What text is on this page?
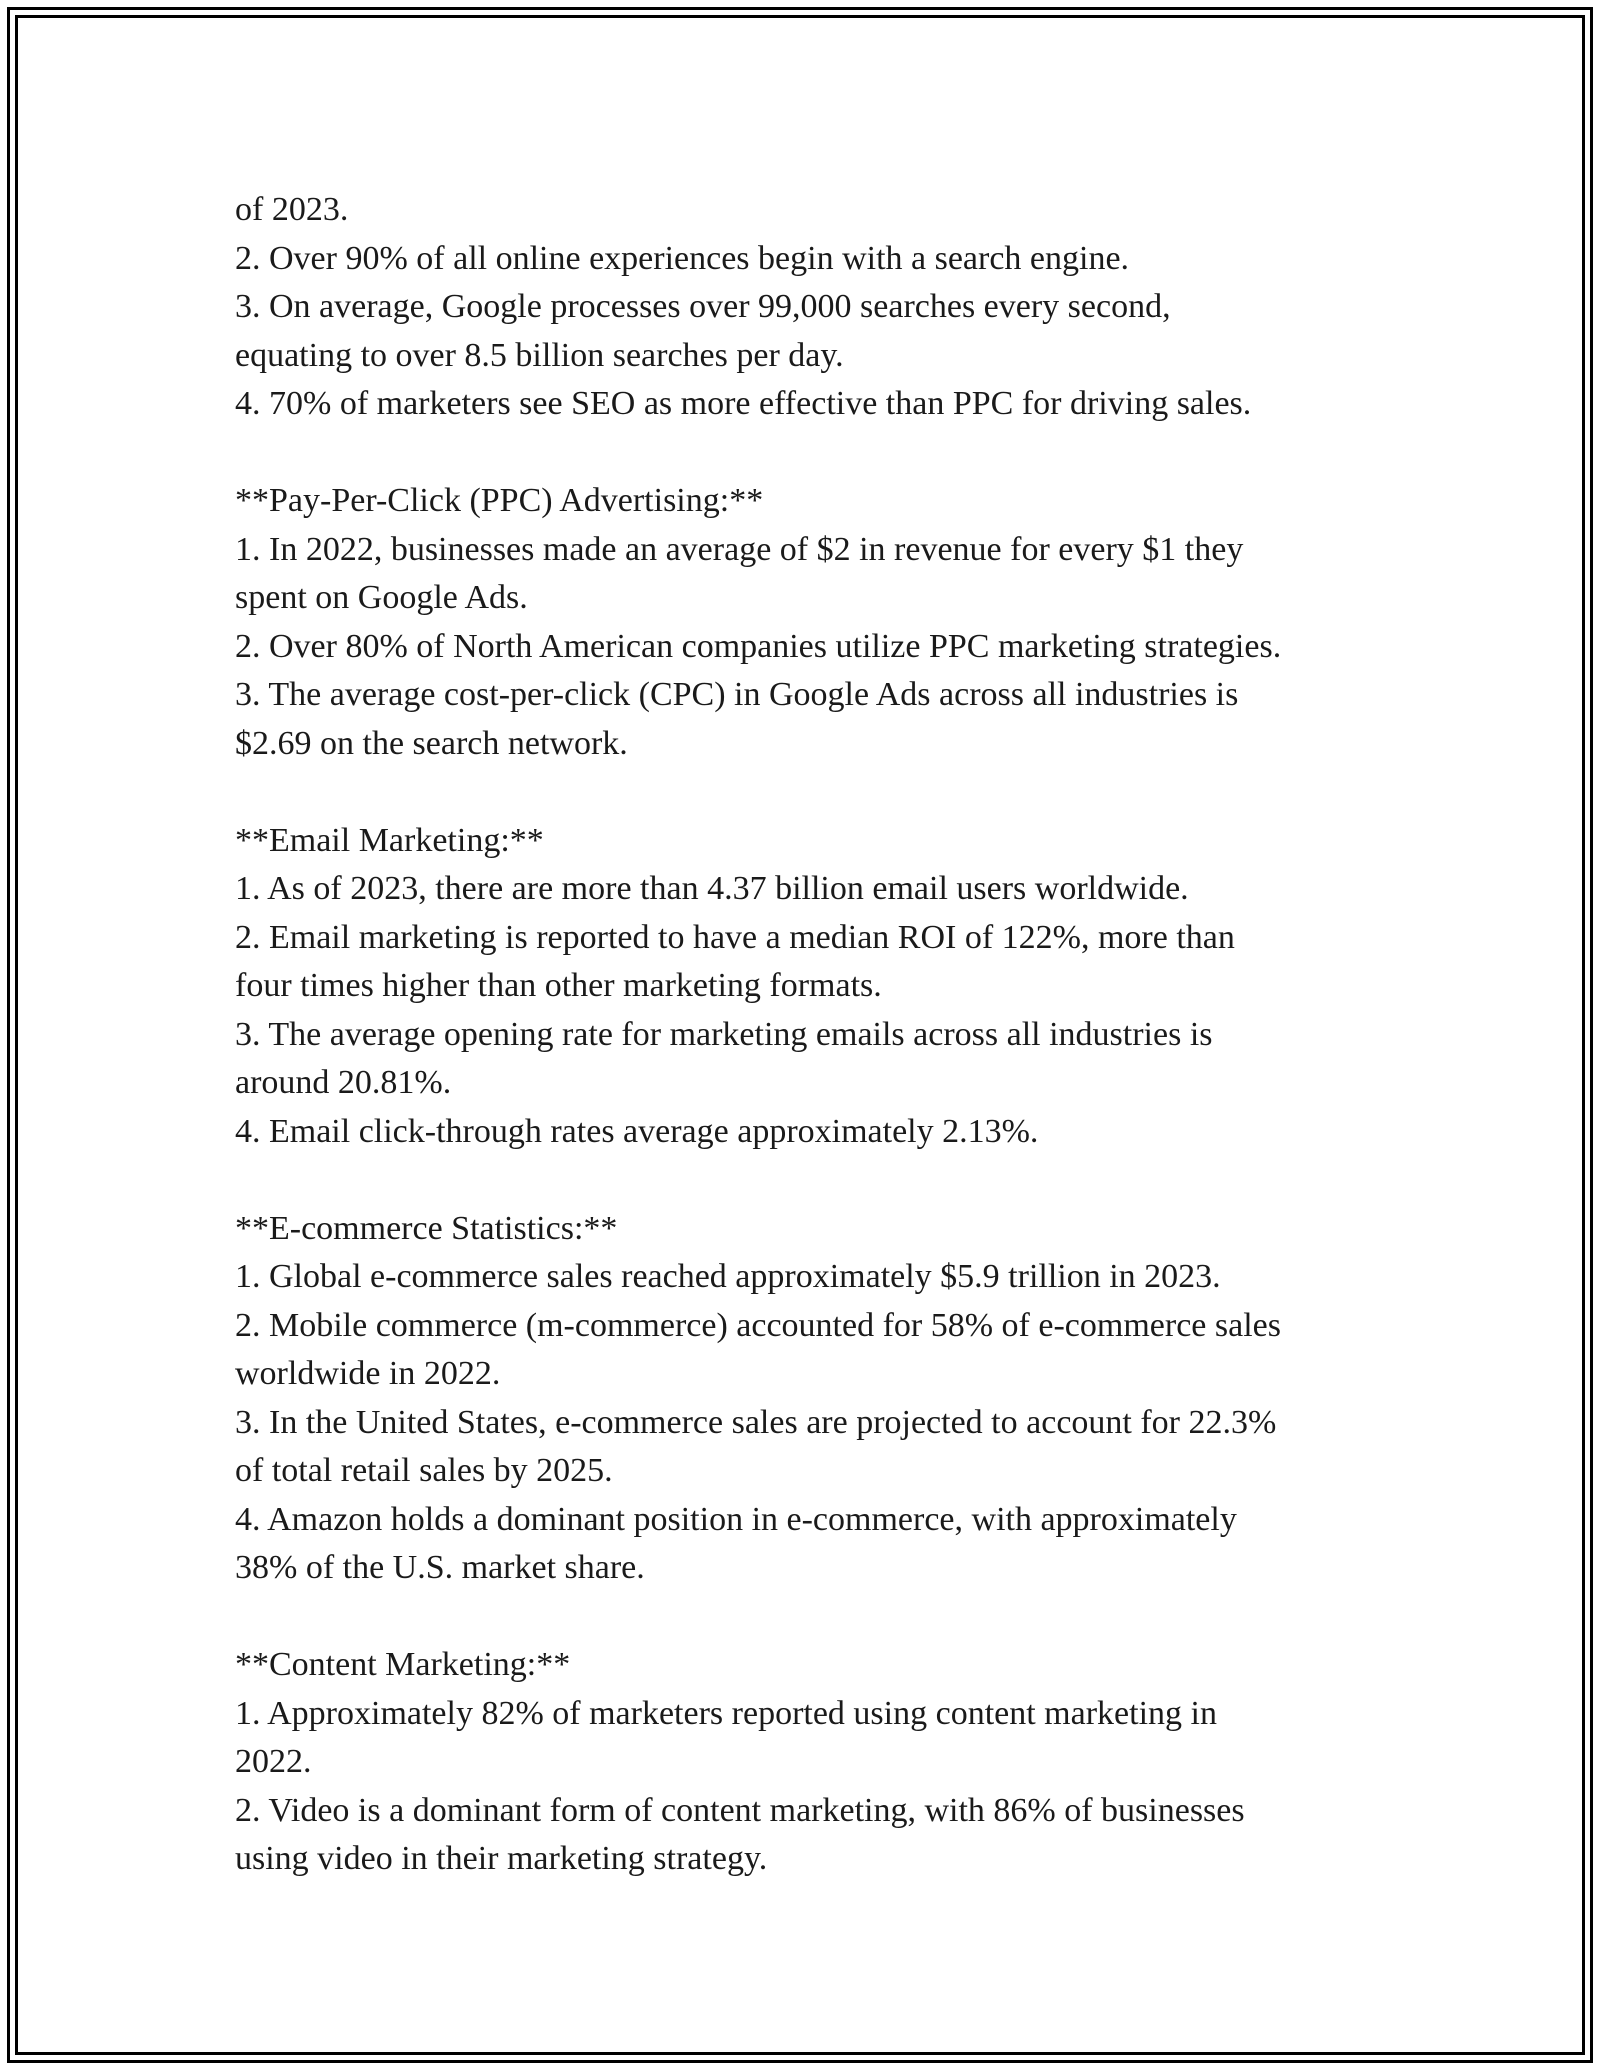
of 2023.
2. Over 90% of all online experiences begin with a search engine.
3. On average, Google processes over 99,000 searches every second,
equating to over 8.5 billion searches per day.
4. 70% of marketers see SEO as more effective than PPC for driving sales.
**Pay-Per-Click (PPC) Advertising:**
1. In 2022, businesses made an average of $2 in revenue for every $1 they
spent on Google Ads.
2. Over 80% of North American companies utilize PPC marketing strategies.
3. The average cost-per-click (CPC) in Google Ads across all industries is
$2.69 on the search network.
**Email Marketing:**
1. As of 2023, there are more than 4.37 billion email users worldwide.
2. Email marketing is reported to have a median ROI of 122%, more than
four times higher than other marketing formats.
3. The average opening rate for marketing emails across all industries is
around 20.81%.
4. Email click-through rates average approximately 2.13%.
**E-commerce Statistics:**
1. Global e-commerce sales reached approximately $5.9 trillion in 2023.
2. Mobile commerce (m-commerce) accounted for 58% of e-commerce sales
worldwide in 2022.
3. In the United States, e-commerce sales are projected to account for 22.3%
of total retail sales by 2025.
4. Amazon holds a dominant position in e-commerce, with approximately
38% of the U.S. market share.
**Content Marketing:**
1. Approximately 82% of marketers reported using content marketing in
2022.
2. Video is a dominant form of content marketing, with 86% of businesses
using video in their marketing strategy.
